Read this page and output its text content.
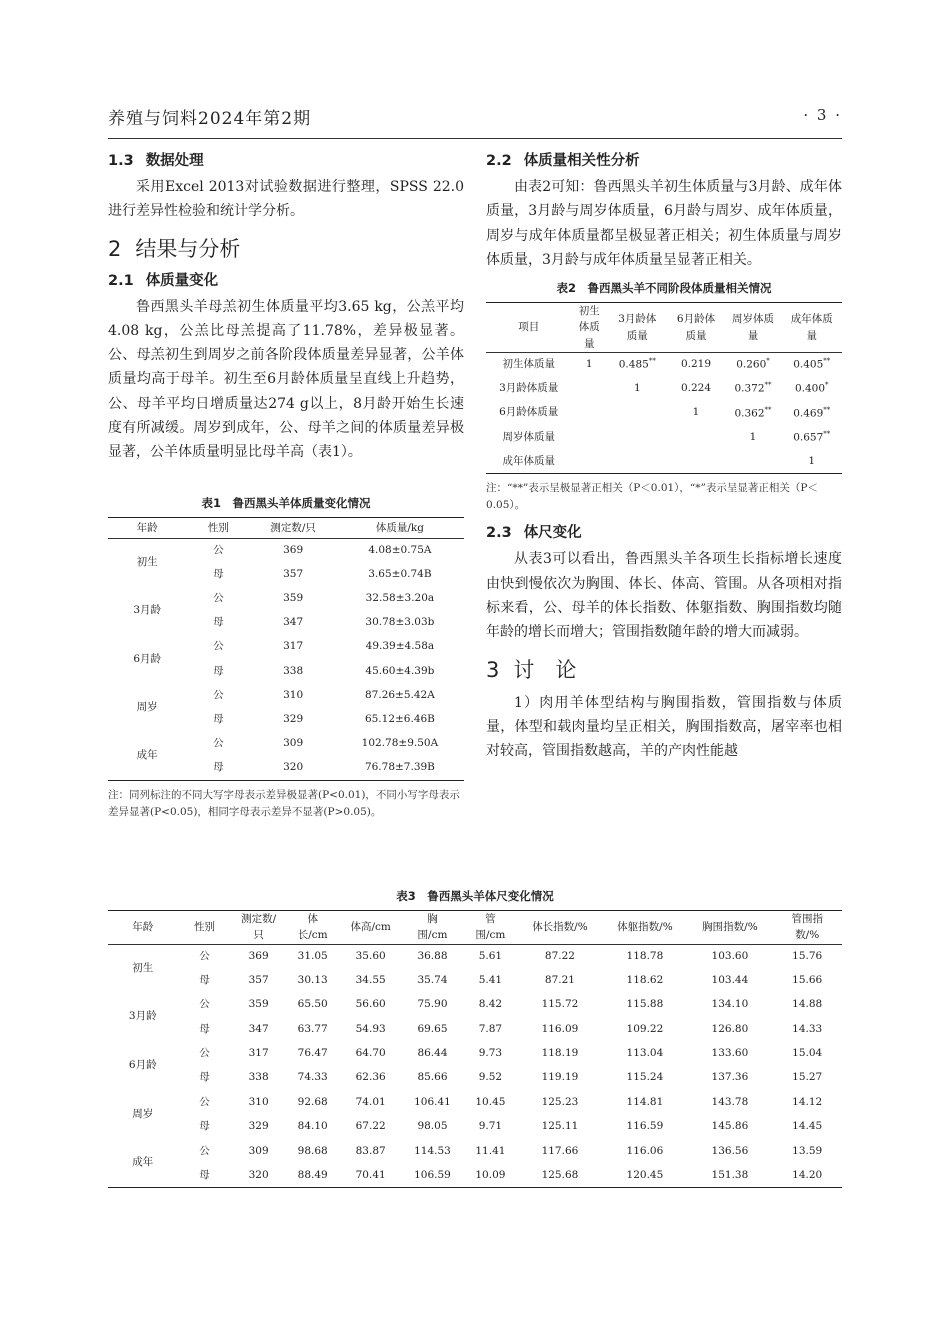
养殖与饲料2024年第2期	· 3 ·
1.3 数据处理

采用Excel 2013对试验数据进行整理，SPSS 22.0进行差异性检验和统计学分析。

2 结果与分析
2.1 体质量变化

鲁西黑头羊母羔初生体质量平均3.65 kg，公羔平均4.08 kg，公羔比母羔提高了11.78%，差异极显著。公、母羔初生到周岁之前各阶段体质量差异显著，公羊体质量均高于母羊。初生至6月龄体质量呈直线上升趋势，公、母羊平均日增质量达274 g以上，8月龄开始生长速度有所减缓。周岁到成年，公、母羊之间的体质量差异极显著，公羊体质量明显比母羊高（表1）。

表1　鲁西黑头羊体质量变化情况
年龄	性别	测定数/只	体质量/kg
初生	公	369	4.08±0.75A
	母	357	3.65±0.74B
3月龄	公	359	32.58±3.20a
	母	347	30.78±3.03b
6月龄	公	317	49.39±4.58a
	母	338	45.60±4.39b
周岁	公	310	87.26±5.42A
	母	329	65.12±6.46B
成年	公	309	102.78±9.50A
	母	320	76.78±7.39B

注：同列标注的不同大写字母表示差异极显著(P<0.01)，不同小写字母表示差异显著(P<0.05)，相同字母表示差异不显著(P>0.05)。

2.2 体质量相关性分析

由表2可知：鲁西黑头羊初生体质量与3月龄、成年体质量，3月龄与周岁体质量，6月龄与周岁、成年体质量，周岁与成年体质量都呈极显著正相关；初生体质量与周岁体质量，3月龄与成年体质量呈显著正相关。

表2　鲁西黑头羊不同阶段体质量相关情况
项目	初生体质量	3月龄体质量	6月龄体质量	周岁体质量	成年体质量
初生体质量	1	0.485**	0.219	0.260*	0.405**
3月龄体质量		1	0.224	0.372**	0.400*
6月龄体质量			1	0.362**	0.469**
周岁体质量				1	0.657**
成年体质量					1

注：“**”表示呈极显著正相关（P＜0.01），“*”表示呈显著正相关（P＜0.05）。

2.3 体尺变化

从表3可以看出，鲁西黑头羊各项生长指标增长速度由快到慢依次为胸围、体长、体高、管围。从各项相对指标来看，公、母羊的体长指数、体躯指数、胸围指数均随年龄的增长而增大；管围指数随年龄的增大而减弱。

3 讨　论

1）肉用羊体型结构与胸围指数，管围指数与体质量，体型和载肉量均呈正相关，胸围指数高，屠宰率也相对较高，管围指数越高，羊的产肉性能越

表3　鲁西黑头羊体尺变化情况
年龄	性别	测定数/只	体长/cm	体高/cm	胸围/cm	管围/cm	体长指数/%	体躯指数/%	胸围指数/%	管围指数/%
初生	公	369	31.05	35.60	36.88	5.61	87.22	118.78	103.60	15.76
	母	357	30.13	34.55	35.74	5.41	87.21	118.62	103.44	15.66
3月龄	公	359	65.50	56.60	75.90	8.42	115.72	115.88	134.10	14.88
	母	347	63.77	54.93	69.65	7.87	116.09	109.22	126.80	14.33
6月龄	公	317	76.47	64.70	86.44	9.73	118.19	113.04	133.60	15.04
	母	338	74.33	62.36	85.66	9.52	119.19	115.24	137.36	15.27
周岁	公	310	92.68	74.01	106.41	10.45	125.23	114.81	143.78	14.12
	母	329	84.10	67.22	98.05	9.71	125.11	116.59	145.86	14.45
成年	公	309	98.68	83.87	114.53	11.41	117.66	116.06	136.56	13.59
	母	320	88.49	70.41	106.59	10.09	125.68	120.45	151.38	14.20
